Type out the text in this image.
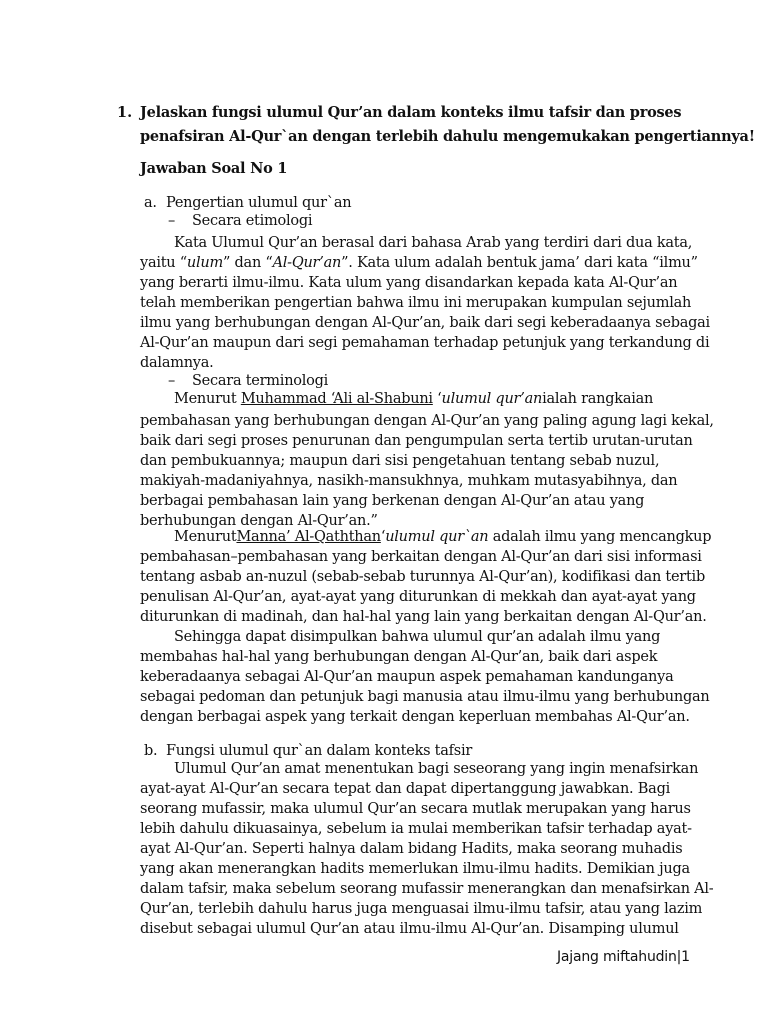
1. Jelaskan fungsi ulumul Qur’an dalam konteks ilmu tafsir dan proses
penafsiran Al-Qur`an dengan terlebih dahulu mengemukakan pengertiannya!
Jawaban Soal No 1
a. Pengertian ulumul qur`an
– Secara etimologi
Kata Ulumul Qur’an berasal dari bahasa Arab yang terdiri dari dua kata,
yaitu “ulum” dan “Al-Qur’an”. Kata ulum adalah bentuk jama’ dari kata “ilmu”
yang berarti ilmu-ilmu. Kata ulum yang disandarkan kepada kata Al-Qur’an
telah memberikan pengertian bahwa ilmu ini merupakan kumpulan sejumlah
ilmu yang berhubungan dengan Al-Qur’an, baik dari segi keberadaanya sebagai
Al-Qur’an maupun dari segi pemahaman terhadap petunjuk yang terkandung di
dalamnya.
– Secara terminologi
Menurut Muhammad ‘Ali al-Shabuni ‘ulumul qur’anialah rangkaian
pembahasan yang berhubungan dengan Al-Qur’an yang paling agung lagi kekal,
baik dari segi proses penurunan dan pengumpulan serta tertib urutan-urutan
dan pembukuannya; maupun dari sisi pengetahuan tentang sebab nuzul,
makiyah-madaniyahnya, nasikh-mansukhnya, muhkam mutasyabihnya, dan
berbagai pembahasan lain yang berkenan dengan Al-Qur’an atau yang
berhubungan dengan Al-Qur’an.”
MenurutManna’ Al-Qaththan‘ulumul qur`an adalah ilmu yang mencangkup
pembahasan–pembahasan yang berkaitan dengan Al-Qur’an dari sisi informasi
tentang asbab an-nuzul (sebab-sebab turunnya Al-Qur’an), kodifikasi dan tertib
penulisan Al-Qur’an, ayat-ayat yang diturunkan di mekkah dan ayat-ayat yang
diturunkan di madinah, dan hal-hal yang lain yang berkaitan dengan Al-Qur’an.
Sehingga dapat disimpulkan bahwa ulumul qur’an adalah ilmu yang
membahas hal-hal yang berhubungan dengan Al-Qur’an, baik dari aspek
keberadaanya sebagai Al-Qur’an maupun aspek pemahaman kandunganya
sebagai pedoman dan petunjuk bagi manusia atau ilmu-ilmu yang berhubungan
dengan berbagai aspek yang terkait dengan keperluan membahas Al-Qur’an.
b. Fungsi ulumul qur`an dalam konteks tafsir
Ulumul Qur’an amat menentukan bagi seseorang yang ingin menafsirkan
ayat-ayat Al-Qur’an secara tepat dan dapat dipertanggung jawabkan. Bagi
seorang mufassir, maka ulumul Qur’an secara mutlak merupakan yang harus
lebih dahulu dikuasainya, sebelum ia mulai memberikan tafsir terhadap ayat-
ayat Al-Qur’an. Seperti halnya dalam bidang Hadits, maka seorang muhadis
yang akan menerangkan hadits memerlukan ilmu-ilmu hadits. Demikian juga
dalam tafsir, maka sebelum seorang mufassir menerangkan dan menafsirkan Al-
Qur’an, terlebih dahulu harus juga menguasai ilmu-ilmu tafsir, atau yang lazim
disebut sebagai ulumul Qur’an atau ilmu-ilmu Al-Qur’an. Disamping ulumul
Jajang miftahudin|1
